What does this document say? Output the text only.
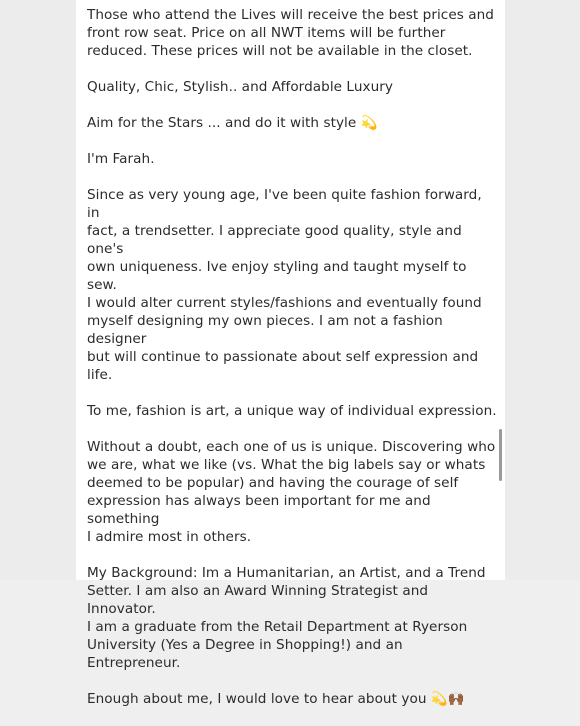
Those who attend the Lives will receive the best prices and
front row seat. Price on all NWT items will be further
reduced. These prices will not be available in the closet.

Quality, Chic, Stylish.. and Affordable Luxury

Aim for the Stars ... and do it with style 💫

I'm Farah.

Since as very young age, I've been quite fashion forward, in
fact, a trendsetter. I appreciate good quality, style and one's
own uniqueness. Ive enjoy styling and taught myself to sew.
I would alter current styles/fashions and eventually found
myself designing my own pieces. I am not a fashion designer
but will continue to passionate about self expression and life.

To me, fashion is art, a unique way of individual expression.

Without a doubt, each one of us is unique. Discovering who
we are, what we like (vs. What the big labels say or whats
deemed to be popular) and having the courage of self
expression has always been important for me and something
I admire most in others.

My Background: Im a Humanitarian, an Artist, and a Trend
Setter. I am also an Award Winning Strategist and Innovator.
I am a graduate from the Retail Department at Ryerson
University (Yes a Degree in Shopping!) and an Entrepreneur.

Enough about me, I would love to hear about you 💫🙌🏾
